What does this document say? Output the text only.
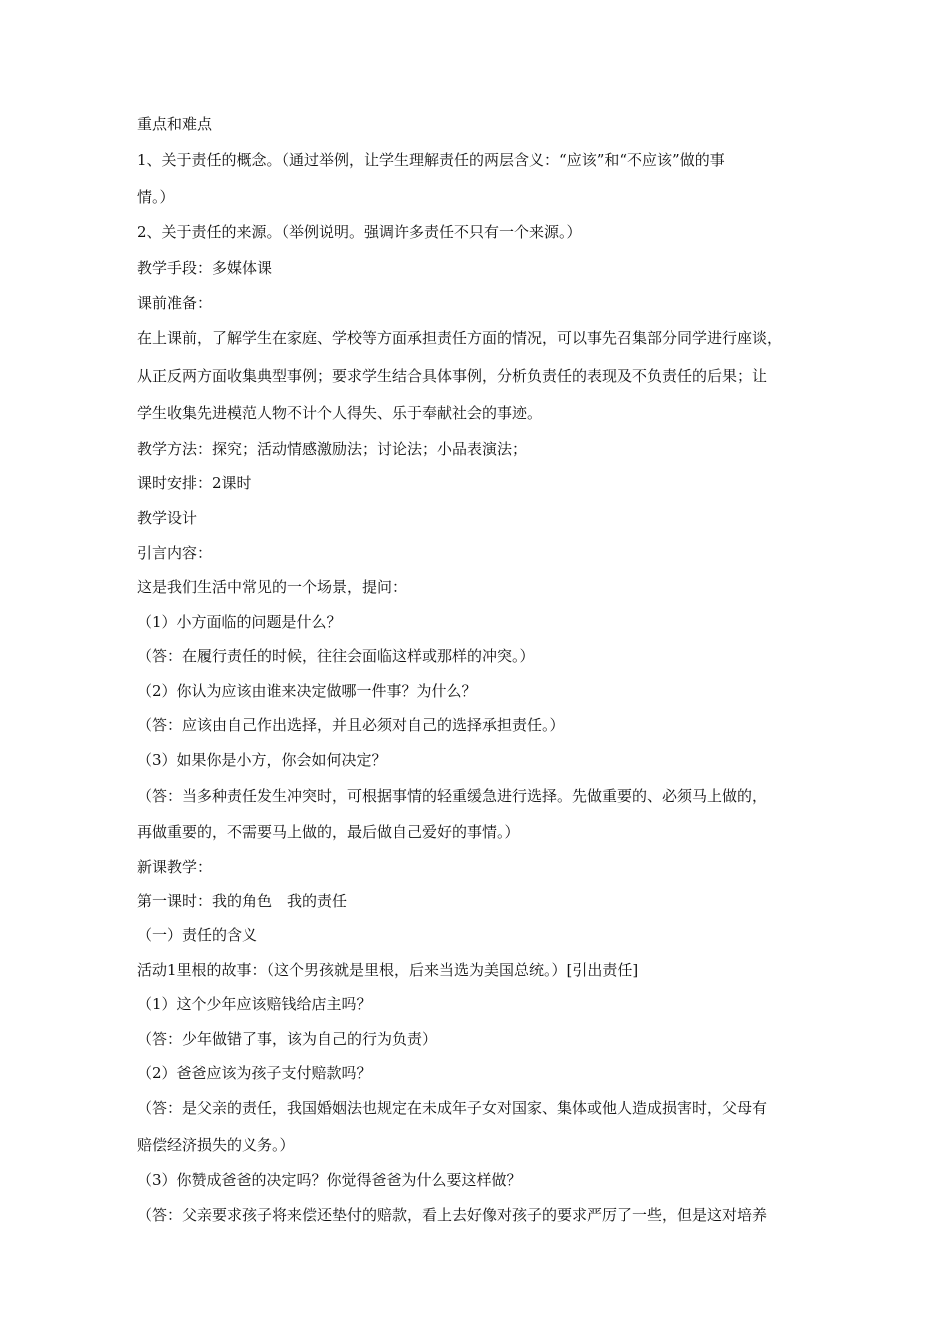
重点和难点
1、关于责任的概念。（通过举例，让学生理解责任的两层含义：“应该”和“不应该”做的事
情。）
2、关于责任的来源。（举例说明。强调许多责任不只有一个来源。）
教学手段：多媒体课
课前准备：
在上课前，了解学生在家庭、学校等方面承担责任方面的情况，可以事先召集部分同学进行座谈，
从正反两方面收集典型事例；要求学生结合具体事例，分析负责任的表现及不负责任的后果；让
学生收集先进模范人物不计个人得失、乐于奉献社会的事迹。
教学方法：探究；活动情感激励法；讨论法；小品表演法；
课时安排：2课时
教学设计
引言内容：
这是我们生活中常见的一个场景，提问：
（1）小方面临的问题是什么？
（答：在履行责任的时候，往往会面临这样或那样的冲突。）
（2）你认为应该由谁来决定做哪一件事？为什么？
（答：应该由自己作出选择，并且必须对自己的选择承担责任。）
（3）如果你是小方，你会如何决定？
（答：当多种责任发生冲突时，可根据事情的轻重缓急进行选择。先做重要的、必须马上做的，
再做重要的，不需要马上做的，最后做自己爱好的事情。）
新课教学：
第一课时：我的角色　我的责任
（一）责任的含义
活动1里根的故事：（这个男孩就是里根，后来当选为美国总统。）[引出责任]
（1）这个少年应该赔钱给店主吗？
（答：少年做错了事，该为自己的行为负责）
（2）爸爸应该为孩子支付赔款吗？
（答：是父亲的责任，我国婚姻法也规定在未成年子女对国家、集体或他人造成损害时，父母有
赔偿经济损失的义务。）
（3）你赞成爸爸的决定吗？你觉得爸爸为什么要这样做？
（答：父亲要求孩子将来偿还垫付的赔款，看上去好像对孩子的要求严厉了一些，但是这对培养
